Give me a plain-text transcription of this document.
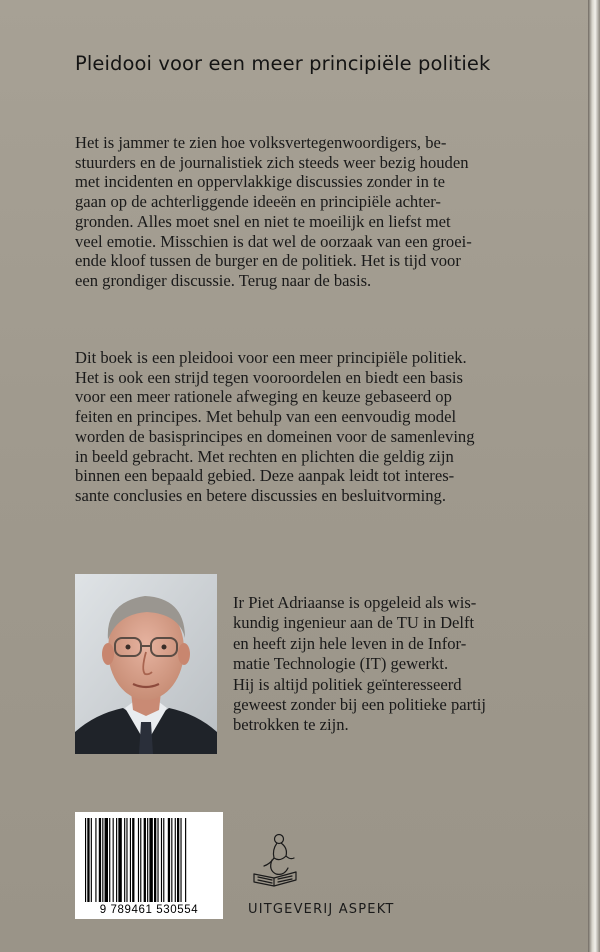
Pleidooi voor een meer principiële politiek

Het is jammer te zien hoe volksvertegenwoordigers, be-
stuurders en de journalistiek zich steeds weer bezig houden
met incidenten en oppervlakkige discussies zonder in te
gaan op de achterliggende ideeën en principiële achter-
gronden. Alles moet snel en niet te moeilijk en liefst met
veel emotie. Misschien is dat wel de oorzaak van een groei-
ende kloof tussen de burger en de politiek. Het is tijd voor
een grondiger discussie. Terug naar de basis.

Dit boek is een pleidooi voor een meer principiële politiek.
Het is ook een strijd tegen vooroordelen en biedt een basis
voor een meer rationele afweging en keuze gebaseerd op
feiten en principes. Met behulp van een eenvoudig model
worden de basisprincipes en domeinen voor de samenleving
in beeld gebracht. Met rechten en plichten die geldig zijn
binnen een bepaald gebied. Deze aanpak leidt tot interes-
sante conclusies en betere discussies en besluitvorming.

Ir Piet Adriaanse is opgeleid als wis-
kundig ingenieur aan de TU in Delft
en heeft zijn hele leven in de Infor-
matie Technologie (IT) gewerkt.
Hij is altijd politiek geïnteresseerd
geweest zonder bij een politieke partij
betrokken te zijn.
9 789461 530554	UITGEVERIJ ASPEKT
